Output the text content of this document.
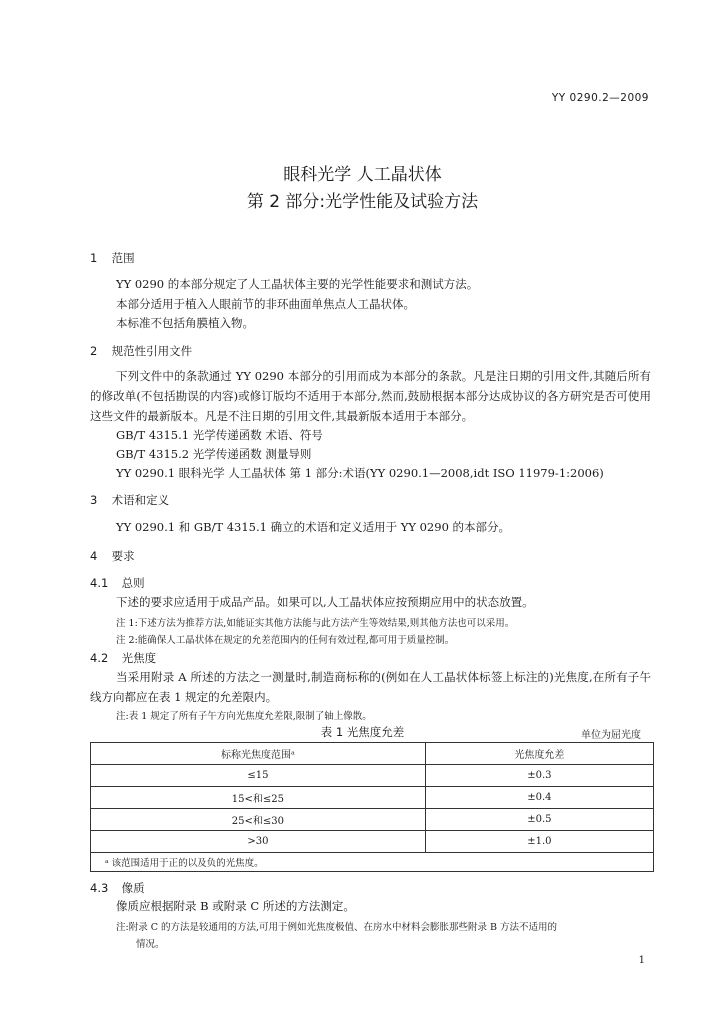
YY 0290.2—2009
眼科光学 人工晶状体
第 2 部分:光学性能及试验方法
1 范围
YY 0290 的本部分规定了人工晶状体主要的光学性能要求和测试方法。
本部分适用于植入人眼前节的非环曲面单焦点人工晶状体。
本标准不包括角膜植入物。
2 规范性引用文件
下列文件中的条款通过 YY 0290 本部分的引用而成为本部分的条款。凡是注日期的引用文件,其随后所有的修改单(不包括勘误的内容)或修订版均不适用于本部分,然而,鼓励根据本部分达成协议的各方研究是否可使用这些文件的最新版本。凡是不注日期的引用文件,其最新版本适用于本部分。
GB/T 4315.1 光学传递函数 术语、符号
GB/T 4315.2 光学传递函数 测量导则
YY 0290.1 眼科光学 人工晶状体 第 1 部分:术语(YY 0290.1—2008,idt ISO 11979-1:2006)
3 术语和定义
YY 0290.1 和 GB/T 4315.1 确立的术语和定义适用于 YY 0290 的本部分。
4 要求
4.1 总则
下述的要求应适用于成品产品。如果可以,人工晶状体应按预期应用中的状态放置。
注 1:下述方法为推荐方法,如能证实其他方法能与此方法产生等效结果,则其他方法也可以采用。
注 2:能确保人工晶状体在规定的允差范围内的任何有效过程,都可用于质量控制。
4.2 光焦度
当采用附录 A 所述的方法之一测量时,制造商标称的(例如在人工晶状体标签上标注的)光焦度,在所有子午线方向都应在表 1 规定的允差限内。
注:表 1 规定了所有子午方向光焦度允差限,限制了轴上像散。
表 1 光焦度允差	单位为屈光度
标称光焦度范围ᵃ	光焦度允差
≤15	±0.3
15<和≤25	±0.4
25<和≤30	±0.5
>30	±1.0
ᵃ 该范围适用于正的以及负的光焦度。	
4.3 像质
像质应根据附录 B 或附录 C 所述的方法测定。
注:附录 C 的方法是较通用的方法,可用于例如光焦度极值、在房水中材料会膨胀那些附录 B 方法不适用的
情况。
1
